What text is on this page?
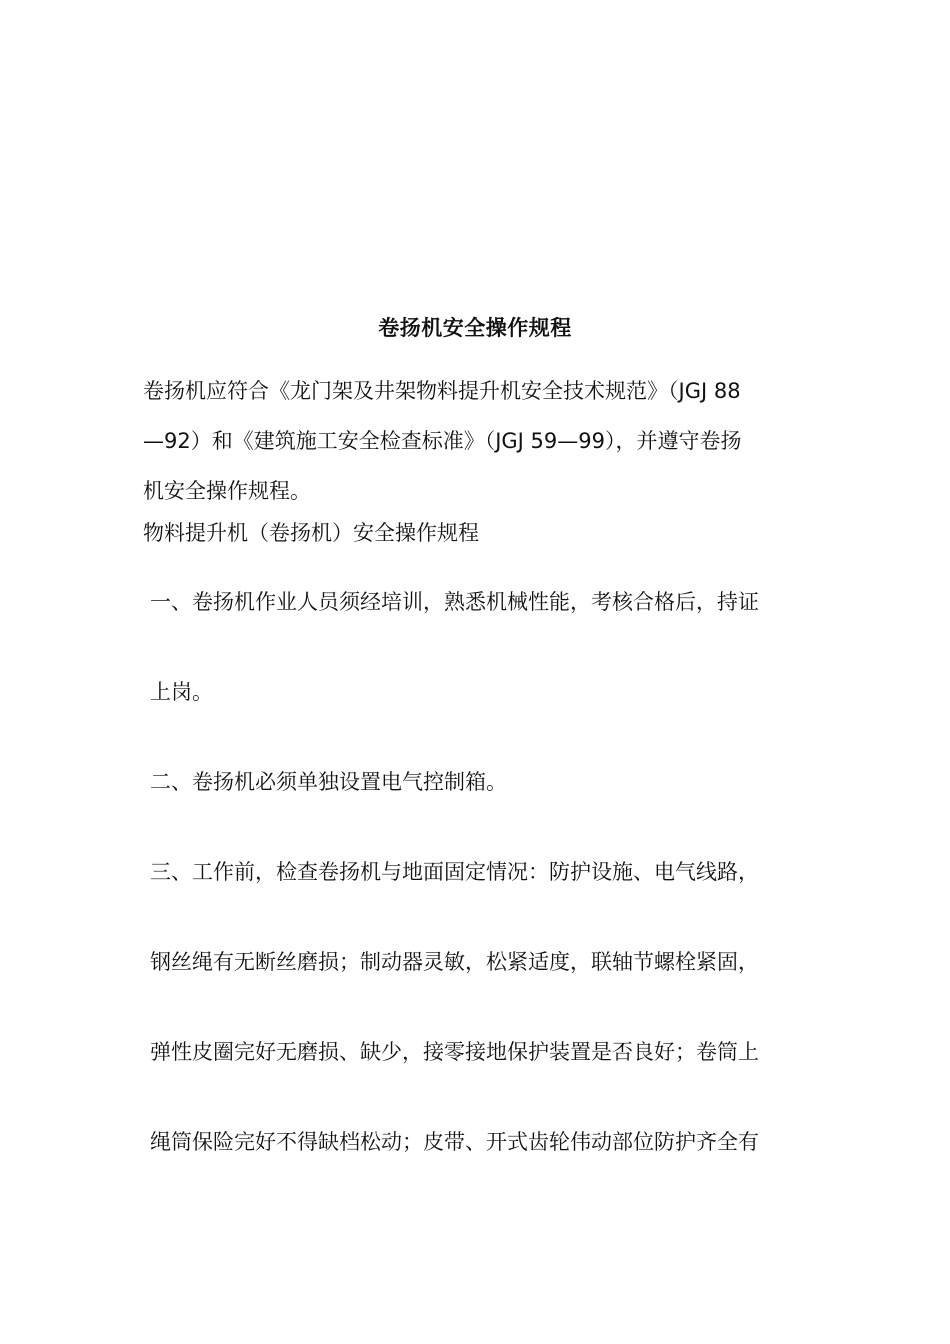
卷扬机安全操作规程
卷扬机应符合《龙门架及井架物料提升机安全技术规范》（JGJ 88
—92）和《建筑施工安全检查标准》（JGJ 59—99），并遵守卷扬
机安全操作规程。
物料提升机（卷扬机）安全操作规程
一、卷扬机作业人员须经培训，熟悉机械性能，考核合格后，持证
上岗。
二、卷扬机必须单独设置电气控制箱。
三、工作前，检查卷扬机与地面固定情况：防护设施、电气线路，
钢丝绳有无断丝磨损；制动器灵敏，松紧适度，联轴节螺栓紧固，
弹性皮圈完好无磨损、缺少，接零接地保护装置是否良好；卷筒上
绳筒保险完好不得缺档松动；皮带、开式齿轮伟动部位防护齐全有
